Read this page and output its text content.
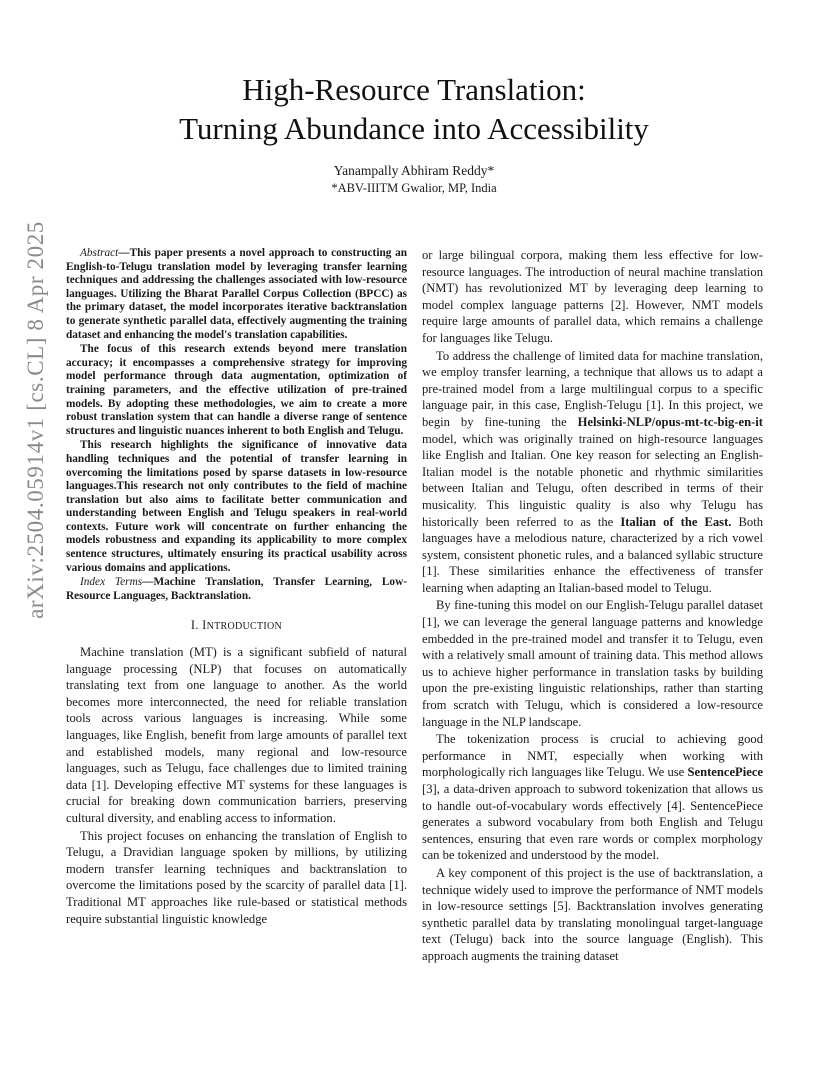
arXiv:2504.05914v1 [cs.CL] 8 Apr 2025
High-Resource Translation:
Turning Abundance into Accessibility
Yanampally Abhiram Reddy*
*ABV-IIITM Gwalior, MP, India

Abstract—This paper presents a novel approach to constructing an English-to-Telugu translation model by leveraging transfer learning techniques and addressing the challenges associated with low-resource languages. Utilizing the Bharat Parallel Corpus Collection (BPCC) as the primary dataset, the model incorporates iterative backtranslation to generate synthetic parallel data, effectively augmenting the training dataset and enhancing the model's translation capabilities.

The focus of this research extends beyond mere translation accuracy; it encompasses a comprehensive strategy for improving model performance through data augmentation, optimization of training parameters, and the effective utilization of pre-trained models. By adopting these methodologies, we aim to create a more robust translation system that can handle a diverse range of sentence structures and linguistic nuances inherent to both English and Telugu.

This research highlights the significance of innovative data handling techniques and the potential of transfer learning in overcoming the limitations posed by sparse datasets in low-resource languages.This research not only contributes to the field of machine translation but also aims to facilitate better communication and understanding between English and Telugu speakers in real-world contexts. Future work will concentrate on further enhancing the models robustness and expanding its applicability to more complex sentence structures, ultimately ensuring its practical usability across various domains and applications.

Index Terms—Machine Translation, Transfer Learning, Low-Resource Languages, Backtranslation.

I. INTRODUCTION

Machine translation (MT) is a significant subfield of natural language processing (NLP) that focuses on automatically translating text from one language to another. As the world becomes more interconnected, the need for reliable translation tools across various languages is increasing. While some languages, like English, benefit from large amounts of parallel text and established models, many regional and low-resource languages, such as Telugu, face challenges due to limited training data [1]. Developing effective MT systems for these languages is crucial for breaking down communication barriers, preserving cultural diversity, and enabling access to information.

This project focuses on enhancing the translation of English to Telugu, a Dravidian language spoken by millions, by utilizing modern transfer learning techniques and backtranslation to overcome the limitations posed by the scarcity of parallel data [1]. Traditional MT approaches like rule-based or statistical methods require substantial linguistic knowledge

or large bilingual corpora, making them less effective for low-resource languages. The introduction of neural machine translation (NMT) has revolutionized MT by leveraging deep learning to model complex language patterns [2]. However, NMT models require large amounts of parallel data, which remains a challenge for languages like Telugu.

To address the challenge of limited data for machine translation, we employ transfer learning, a technique that allows us to adapt a pre-trained model from a large multilingual corpus to a specific language pair, in this case, English-Telugu [1]. In this project, we begin by fine-tuning the Helsinki-NLP/opus-mt-tc-big-en-it model, which was originally trained on high-resource languages like English and Italian. One key reason for selecting an English-Italian model is the notable phonetic and rhythmic similarities between Italian and Telugu, often described in terms of their musicality. This linguistic quality is also why Telugu has historically been referred to as the Italian of the East. Both languages have a melodious nature, characterized by a rich vowel system, consistent phonetic rules, and a balanced syllabic structure [1]. These similarities enhance the effectiveness of transfer learning when adapting an Italian-based model to Telugu.

By fine-tuning this model on our English-Telugu parallel dataset [1], we can leverage the general language patterns and knowledge embedded in the pre-trained model and transfer it to Telugu, even with a relatively small amount of training data. This method allows us to achieve higher performance in translation tasks by building upon the pre-existing linguistic relationships, rather than starting from scratch with Telugu, which is considered a low-resource language in the NLP landscape.

The tokenization process is crucial to achieving good performance in NMT, especially when working with morphologically rich languages like Telugu. We use SentencePiece [3], a data-driven approach to subword tokenization that allows us to handle out-of-vocabulary words effectively [4]. SentencePiece generates a subword vocabulary from both English and Telugu sentences, ensuring that even rare words or complex morphology can be tokenized and understood by the model.

A key component of this project is the use of backtranslation, a technique widely used to improve the performance of NMT models in low-resource settings [5]. Backtranslation involves generating synthetic parallel data by translating monolingual target-language text (Telugu) back into the source language (English). This approach augments the training dataset
